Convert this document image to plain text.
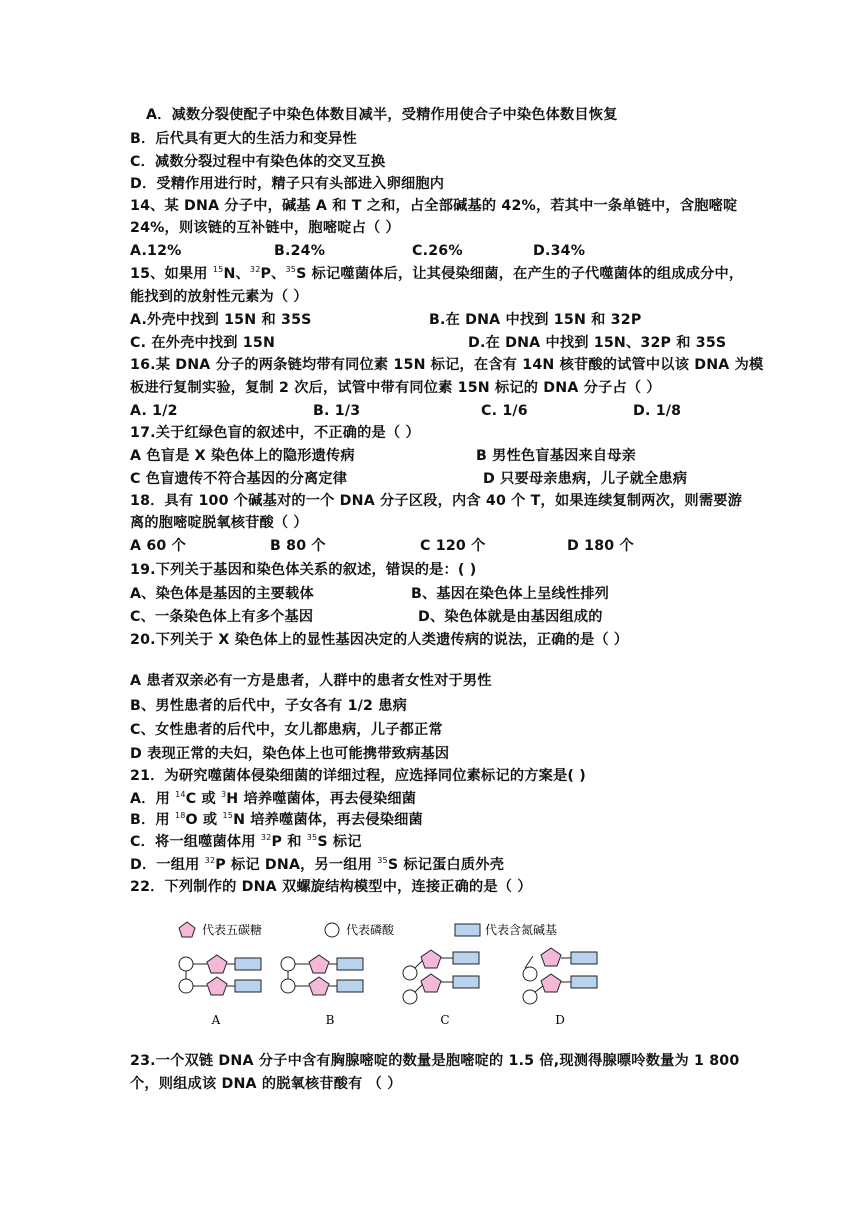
A．减数分裂使配子中染色体数目减半，受精作用使合子中染色体数目恢复
B．后代具有更大的生活力和变异性
C．减数分裂过程中有染色体的交叉互换
D．受精作用进行时，精子只有头部进入卵细胞内
14、某 DNA 分子中，碱基 A 和 T 之和，占全部碱基的 42%，若其中一条单链中，含胞嘧啶
24%，则该链的互补链中，胞嘧啶占（ ）
A.12%	B.24%	C.26%	D.34%
15、如果用 $^{15}$N、$^{32}$P、$^{35}$S 标记噬菌体后，让其侵染细菌，在产生的子代噬菌体的组成成分中，
能找到的放射性元素为（ ）
A.外壳中找到 15N 和 35S	B.在 DNA 中找到 15N 和 32P
C. 在外壳中找到 15N	D.在 DNA 中找到 15N、32P 和 35S
16.某 DNA 分子的两条链均带有同位素 15N 标记，在含有 14N 核苷酸的试管中以该 DNA 为模
板进行复制实验，复制 2 次后，试管中带有同位素 15N 标记的 DNA 分子占（ ）
A. 1/2	B. 1/3	C. 1/6	D. 1/8
17.关于红绿色盲的叙述中，不正确的是（ ）
A 色盲是 X 染色体上的隐形遗传病	B 男性色盲基因来自母亲
C 色盲遗传不符合基因的分离定律	D 只要母亲患病，儿子就全患病
18．具有 100 个碱基对的一个 DNA 分子区段，内含 40 个 T，如果连续复制两次，则需要游
离的胞嘧啶脱氧核苷酸（ ）
A 60 个	B 80 个	C 120 个	D 180 个
19.下列关于基因和染色体关系的叙述，错误的是：( )
A、染色体是基因的主要载体	B、基因在染色体上呈线性排列
C、一条染色体上有多个基因	D、染色体就是由基因组成的
20.下列关于 X 染色体上的显性基因决定的人类遗传病的说法，正确的是（ ）
A 患者双亲必有一方是患者，人群中的患者女性对于男性
B、男性患者的后代中，子女各有 1/2 患病
C、女性患者的后代中，女儿都患病，儿子都正常
D 表现正常的夫妇，染色体上也可能携带致病基因
21．为研究噬菌体侵染细菌的详细过程，应选择同位素标记的方案是( )
A．用 $^{14}$C 或 $^3$H 培养噬菌体，再去侵染细菌
B．用 $^{18}$O 或 $^{15}$N 培养噬菌体，再去侵染细菌
C．将一组噬菌体用 $^{32}$P 和 $^{35}$S 标记
D．一组用 $^{32}$P 标记 DNA，另一组用 $^{35}$S 标记蛋白质外壳
22．下列制作的 DNA 双螺旋结构模型中，连接正确的是（ ）
代表五碳糖	代表磷酸	代表含氮碱基
A	B	C	D
23.一个双链 DNA 分子中含有胸腺嘧啶的数量是胞嘧啶的 1.5 倍,现测得腺嘌呤数量为 1 800
个，则组成该 DNA 的脱氧核苷酸有 （ ）
